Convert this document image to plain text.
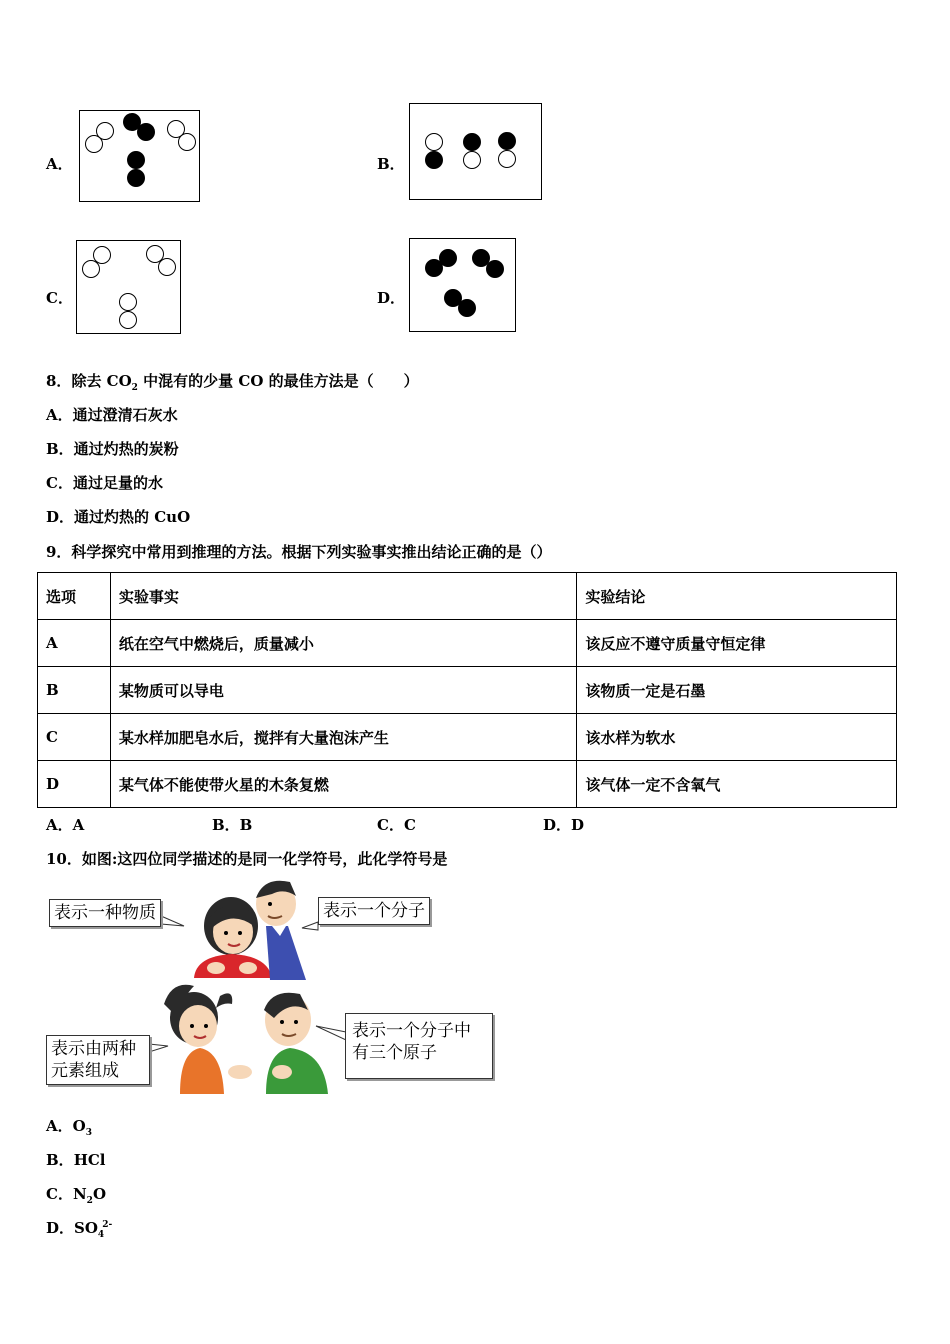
A．	B．
C．	D．
8．除去 $CO_2$ 中混有的少量 CO 的最佳方法是（　　）
A．通过澄清石灰水
B．通过灼热的炭粉
C．通过足量的水
D．通过灼热的 CuO
9．科学探究中常用到推理的方法。根据下列实验事实推出结论正确的是（）
选项	实验事实	实验结论
A	纸在空气中燃烧后，质量减小	该反应不遵守质量守恒定律
B	某物质可以导电	该物质一定是石墨
C	某水样加肥皂水后，搅拌有大量泡沫产生	该水样为软水
D	某气体不能使带火星的木条复燃	该气体一定不含氧气
A．A	B．B	C．C	D．D
10．如图:这四位同学描述的是同一化学符号，此化学符号是
表示一种物质	表示一个分子
表示由两种
元素组成
表示一个分子中
有三个原子
A．$O_3$
B．HCl
C．$N_2O$
D．$SO_4^{2-}$
